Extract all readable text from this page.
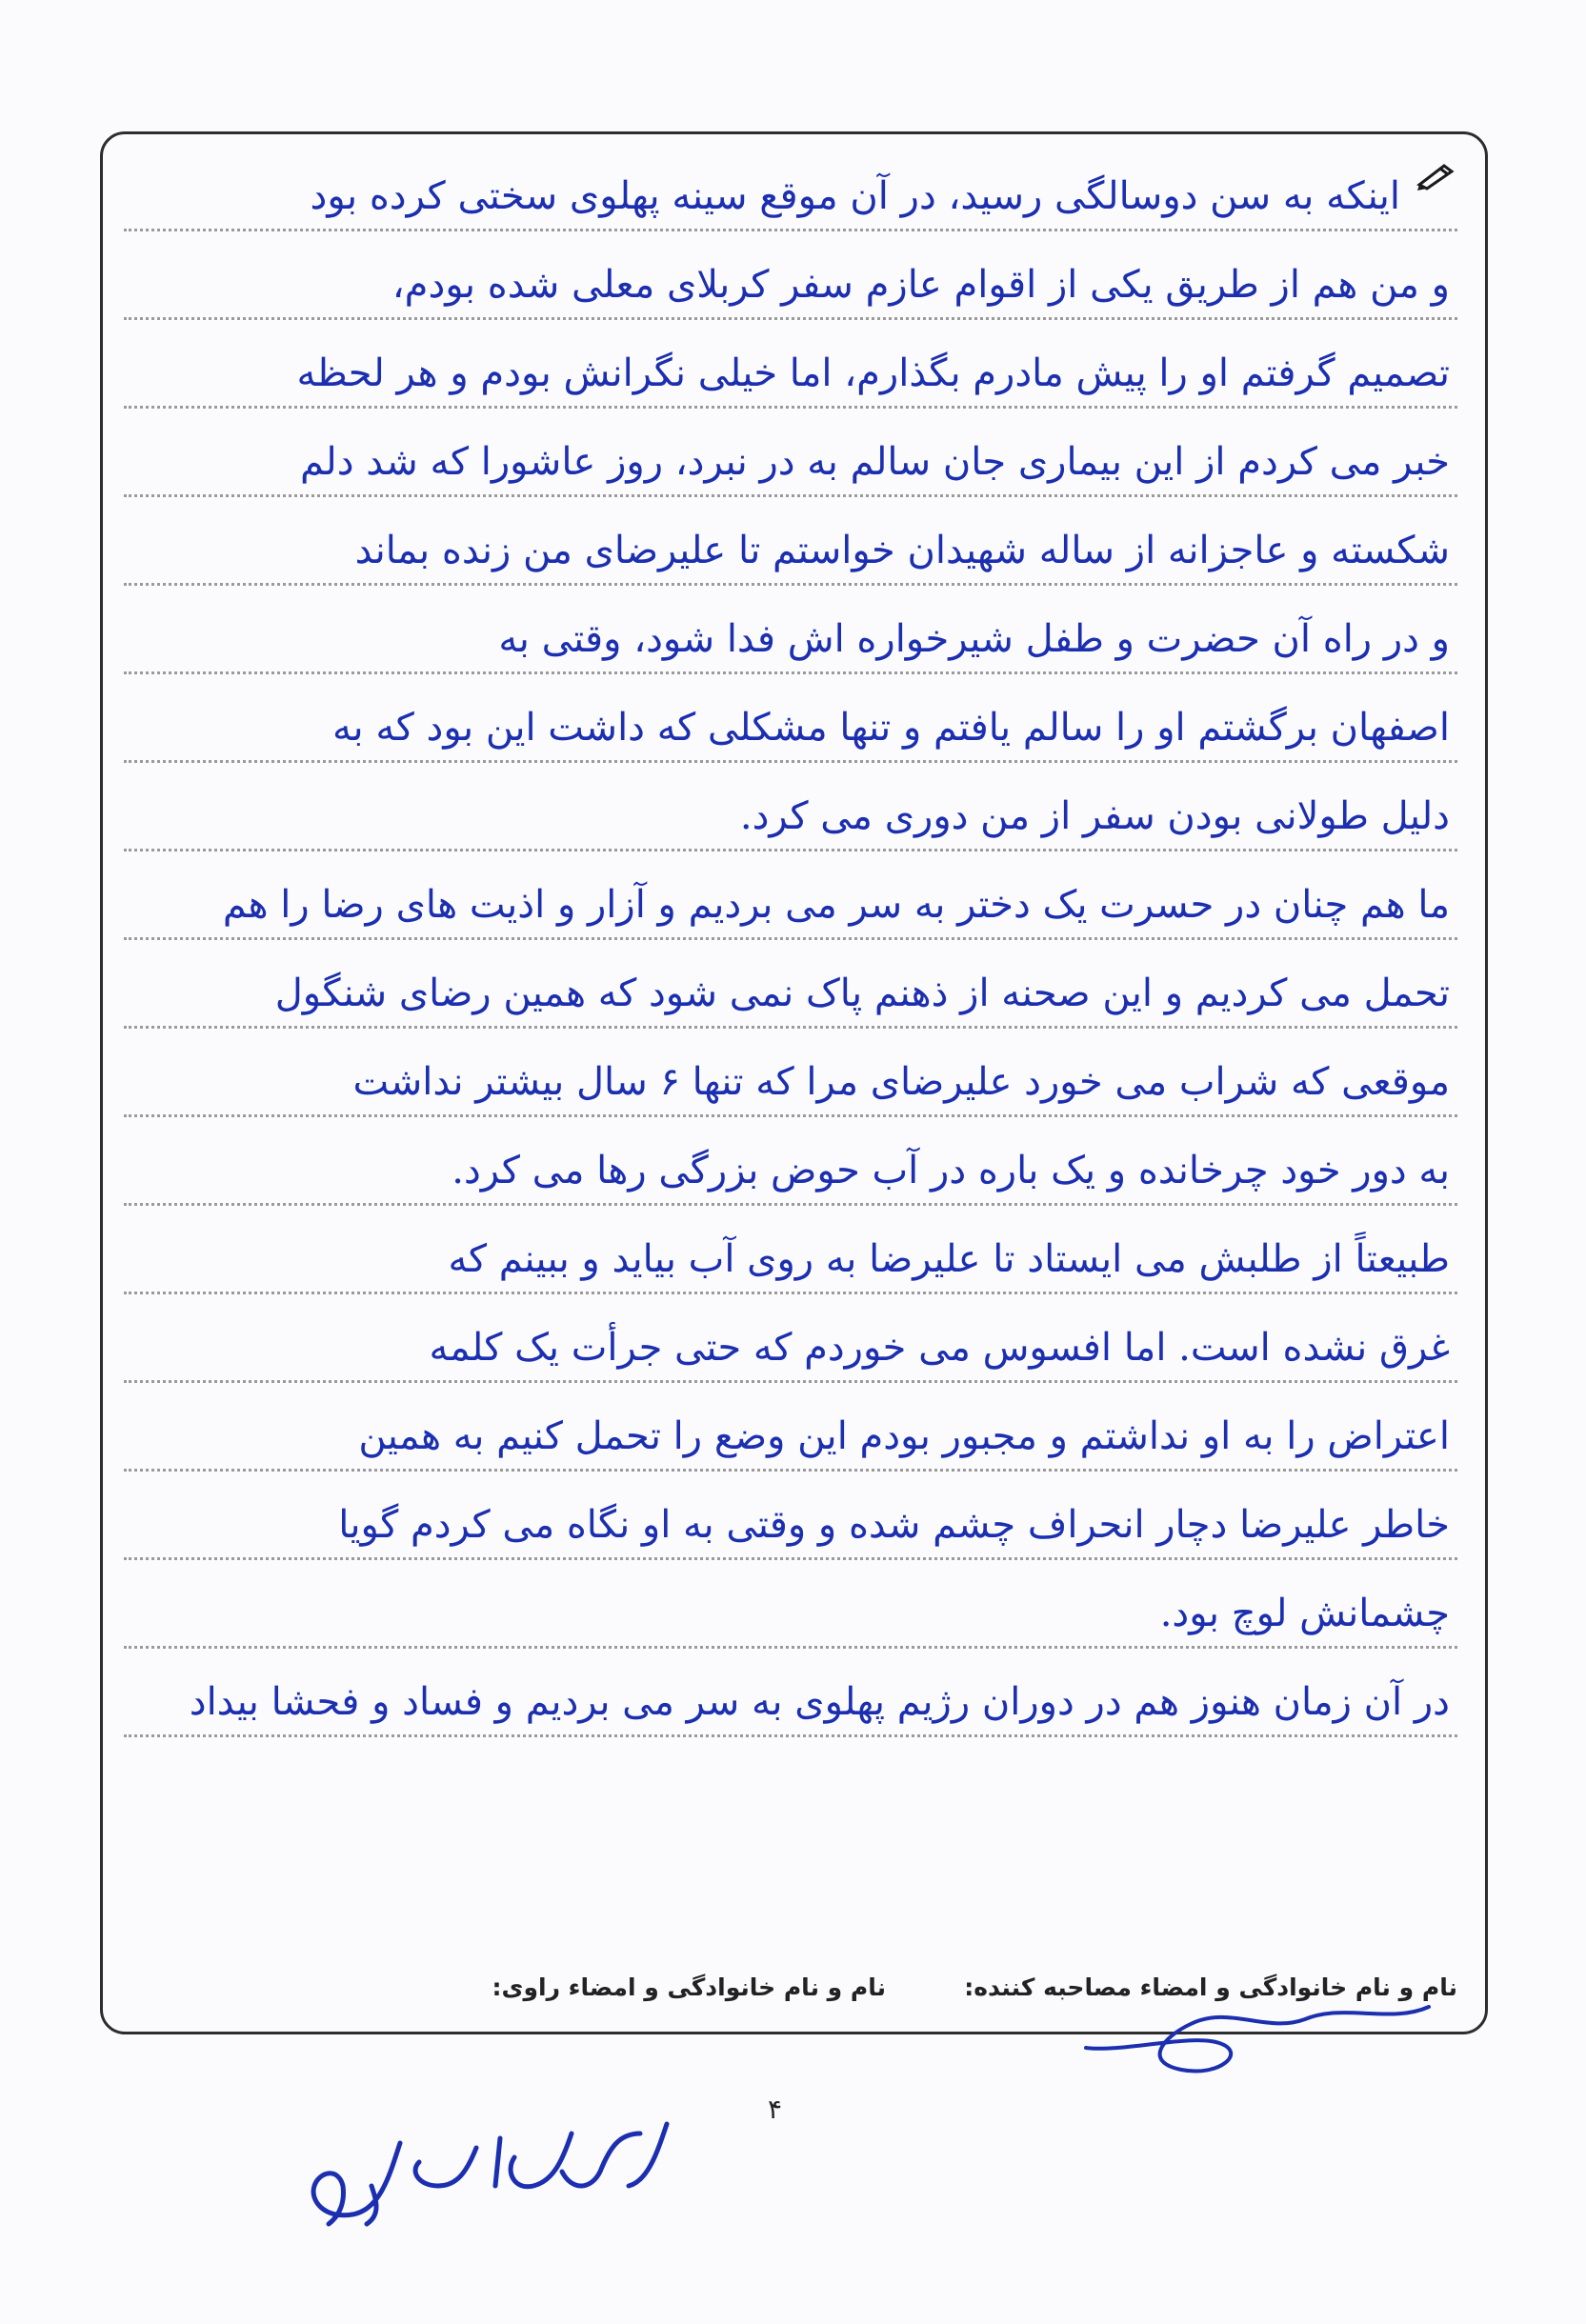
اینکه به سن دوسالگی رسید، در آن موقع سینه پهلوی سختی کرده بود
و من هم از طریق یکی از اقوام عازم سفر کربلای معلی شده بودم،
تصمیم گرفتم او را پیش مادرم بگذارم، اما خیلی نگرانش بودم و هر لحظه
خبر می کردم از این بیماری جان سالم به در نبرد، روز عاشورا که شد دلم
شکسته و عاجزانه از ساله شهیدان خواستم تا علیرضای من زنده بماند
و در راه آن حضرت و طفل شیرخواره اش فدا شود، وقتی به
اصفهان برگشتم او را سالم یافتم و تنها مشکلی که داشت این بود که به
دلیل طولانی بودن سفر از من دوری می کرد.
ما هم چنان در حسرت یک دختر به سر می بردیم و آزار و اذیت های رضا را هم
تحمل می کردیم و این صحنه از ذهنم پاک نمی شود که همین رضای شنگول
موقعی که شراب می خورد علیرضای مرا که تنها ۶ سال بیشتر نداشت
به دور خود چرخانده و یک باره در آب حوض بزرگی رها می کرد.
طبیعتاً از طلبش می ایستاد تا علیرضا به روی آب بیاید و ببینم که
غرق نشده است. اما افسوس می خوردم که حتی جرأت یک کلمه
اعتراض را به او نداشتم و مجبور بودم این وضع را تحمل کنیم به همین
خاطر علیرضا دچار انحراف چشم شده و وقتی به او نگاه می کردم گویا
چشمانش لوچ بود.
در آن زمان هنوز هم در دوران رژیم پهلوی به سر می بردیم و فساد و فحشا بیداد
نام و نام خانوادگی و امضاء مصاحبه کننده:
نام و نام خانوادگی و امضاء راوی:
۴
